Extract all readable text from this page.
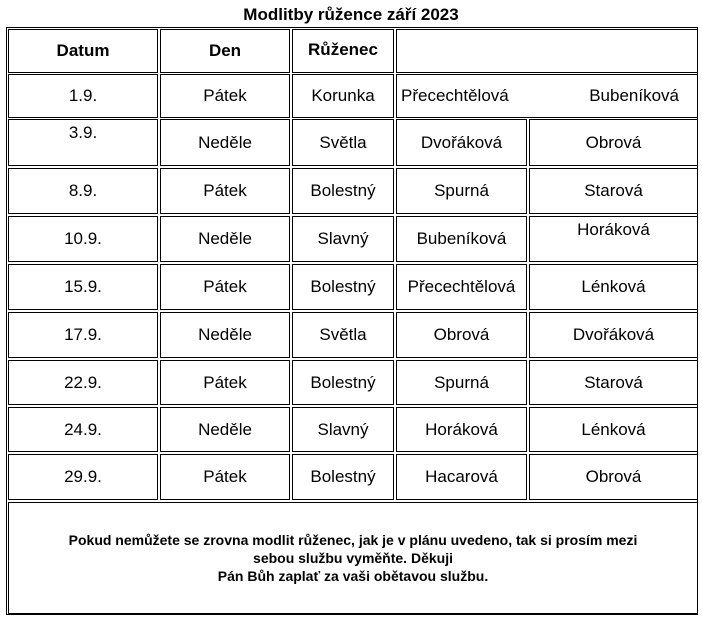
Modlitby růžence září 2023
Datum	Den	Růženec
1.9.	Pátek	Korunka	Přecechtělová	Bubeníková
3.9.	Neděle	Světla	Dvořáková	Obrová
8.9.	Pátek	Bolestný	Spurná	Starová
10.9.	Neděle	Slavný	Bubeníková	Horáková
15.9.	Pátek	Bolestný	Přecechtělová	Lénková
17.9.	Neděle	Světla	Obrová	Dvořáková
22.9.	Pátek	Bolestný	Spurná	Starová
24.9.	Neděle	Slavný	Horáková	Lénková
29.9.	Pátek	Bolestný	Hacarová	Obrová
Pokud nemůžete se zrovna modlit růženec, jak je v plánu uvedeno, tak si prosím mezi
sebou službu vyměňte. Děkuji
Pán Bůh zaplať za vaši obětavou službu.
